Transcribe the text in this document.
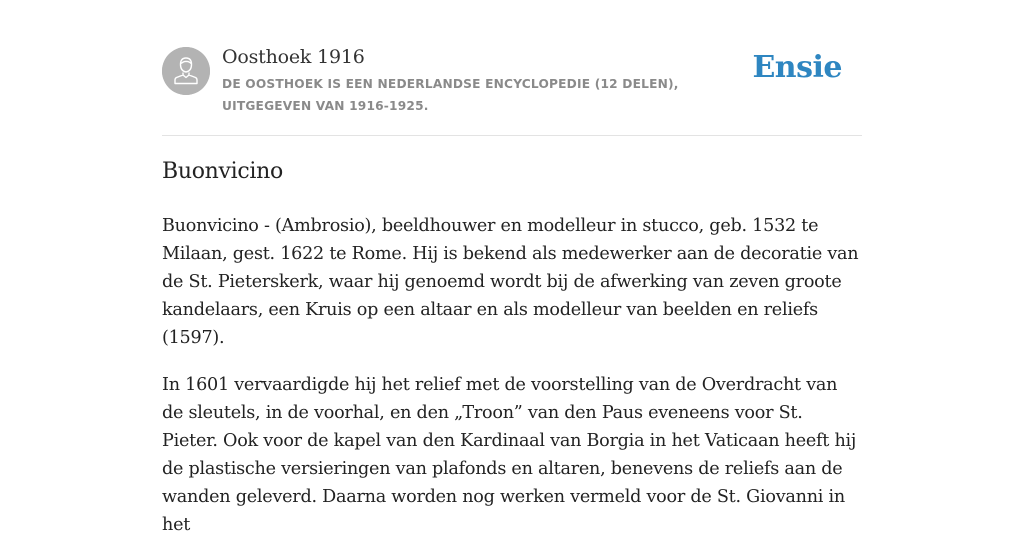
Oosthoek 1916
DE OOSTHOEK IS EEN NEDERLANDSE ENCYCLOPEDIE (12 DELEN), UITGEGEVEN VAN 1916-1925.
Ensie
Buonvicino

Buonvicino - (Ambrosio), beeldhouwer en modelleur in stucco, geb. 1532 te Milaan, gest. 1622 te Rome. Hij is bekend als medewerker aan de decoratie van de St. Pieterskerk, waar hij genoemd wordt bij de afwerking van zeven groote kandelaars, een Kruis op een altaar en als modelleur van beelden en reliefs (1597).

In 1601 vervaardigde hij het relief met de voorstelling van de Overdracht van de sleutels, in de voorhal, en den „Troon” van den Paus eveneens voor St. Pieter. Ook voor de kapel van den Kardinaal van Borgia in het Vaticaan heeft hij de plastische versieringen van plafonds en altaren, benevens de reliefs aan de wanden geleverd. Daarna worden nog werken vermeld voor de St. Giovanni in het
